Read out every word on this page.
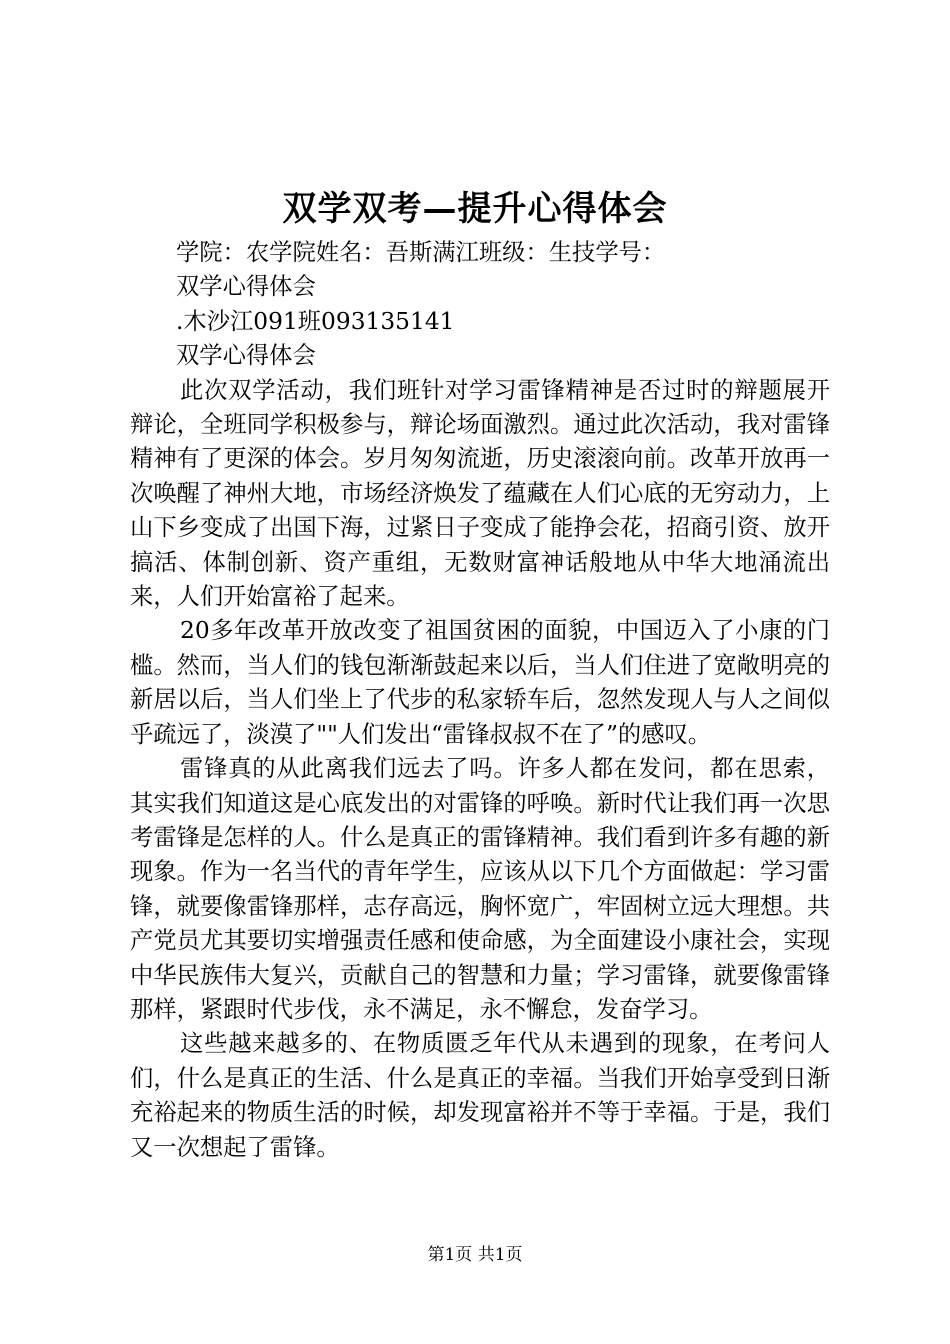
双学双考—提升心得体会
学院：农学院姓名：吾斯满江班级：生技学号：
双学心得体会
.木沙江091班093135141
双学心得体会
此次双学活动，我们班针对学习雷锋精神是否过时的辩题展开辩论，全班同学积极参与，辩论场面激烈。通过此次活动，我对雷锋精神有了更深的体会。岁月匆匆流逝，历史滚滚向前。改革开放再一次唤醒了神州大地，市场经济焕发了蕴藏在人们心底的无穷动力，上山下乡变成了出国下海，过紧日子变成了能挣会花，招商引资、放开搞活、体制创新、资产重组，无数财富神话般地从中华大地涌流出来，人们开始富裕了起来。
20多年改革开放改变了祖国贫困的面貌，中国迈入了小康的门槛。然而，当人们的钱包渐渐鼓起来以后，当人们住进了宽敞明亮的新居以后，当人们坐上了代步的私家轿车后，忽然发现人与人之间似乎疏远了，淡漠了""人们发出“雷锋叔叔不在了”的感叹。
雷锋真的从此离我们远去了吗。许多人都在发问，都在思索，其实我们知道这是心底发出的对雷锋的呼唤。新时代让我们再一次思考雷锋是怎样的人。什么是真正的雷锋精神。我们看到许多有趣的新现象。作为一名当代的青年学生，应该从以下几个方面做起：学习雷锋，就要像雷锋那样，志存高远，胸怀宽广，牢固树立远大理想。共产党员尤其要切实增强责任感和使命感，为全面建设小康社会，实现中华民族伟大复兴，贡献自己的智慧和力量；学习雷锋，就要像雷锋那样，紧跟时代步伐，永不满足，永不懈怠，发奋学习。
这些越来越多的、在物质匮乏年代从未遇到的现象，在考问人们，什么是真正的生活、什么是真正的幸福。当我们开始享受到日渐充裕起来的物质生活的时候，却发现富裕并不等于幸福。于是，我们又一次想起了雷锋。
第1页 共1页
